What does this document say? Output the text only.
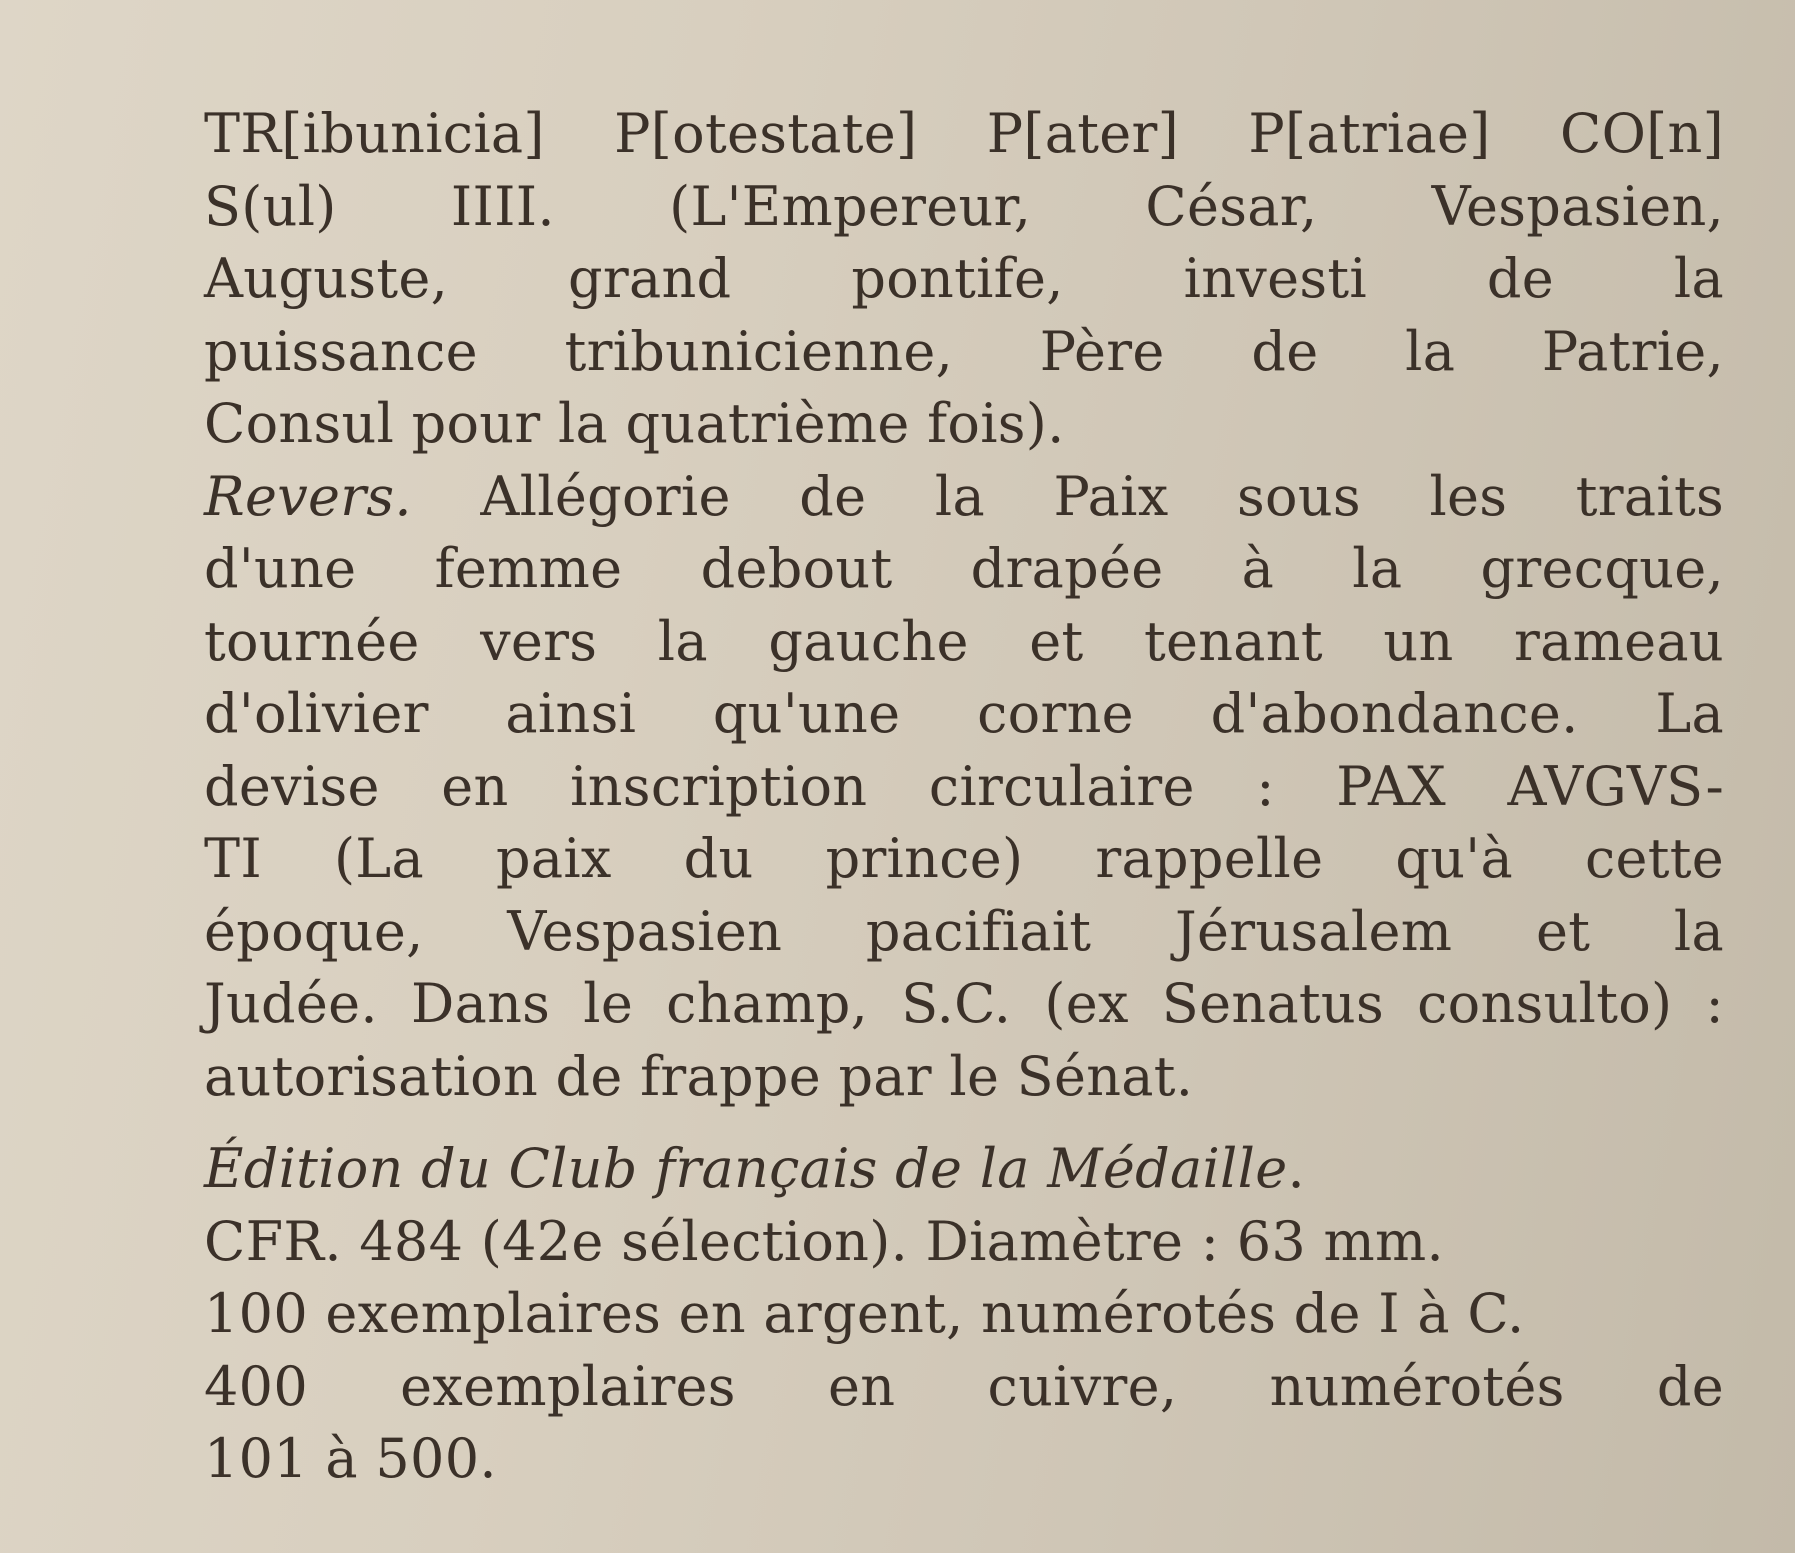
TR[ibunicia] P[otestate] P[ater] P[atriae] CO[n]
S(ul) IIII. (L'Empereur, César, Vespasien,
Auguste, grand pontife, investi de la
puissance tribunicienne, Père de la Patrie,
Consul pour la quatrième fois).

Revers. Allégorie de la Paix sous les traits
d'une femme debout drapée à la grecque,
tournée vers la gauche et tenant un rameau
d'olivier ainsi qu'une corne d'abondance. La
devise en inscription circulaire : PAX AVGVS-
TI (La paix du prince) rappelle qu'à cette
époque, Vespasien pacifiait Jérusalem et la
Judée. Dans le champ, S.C. (ex Senatus consulto) :
autorisation de frappe par le Sénat.

Édition du Club français de la Médaille.
CFR. 484 (42e sélection). Diamètre : 63 mm.
100 exemplaires en argent, numérotés de I à C.
400 exemplaires en cuivre, numérotés de
101 à 500.
